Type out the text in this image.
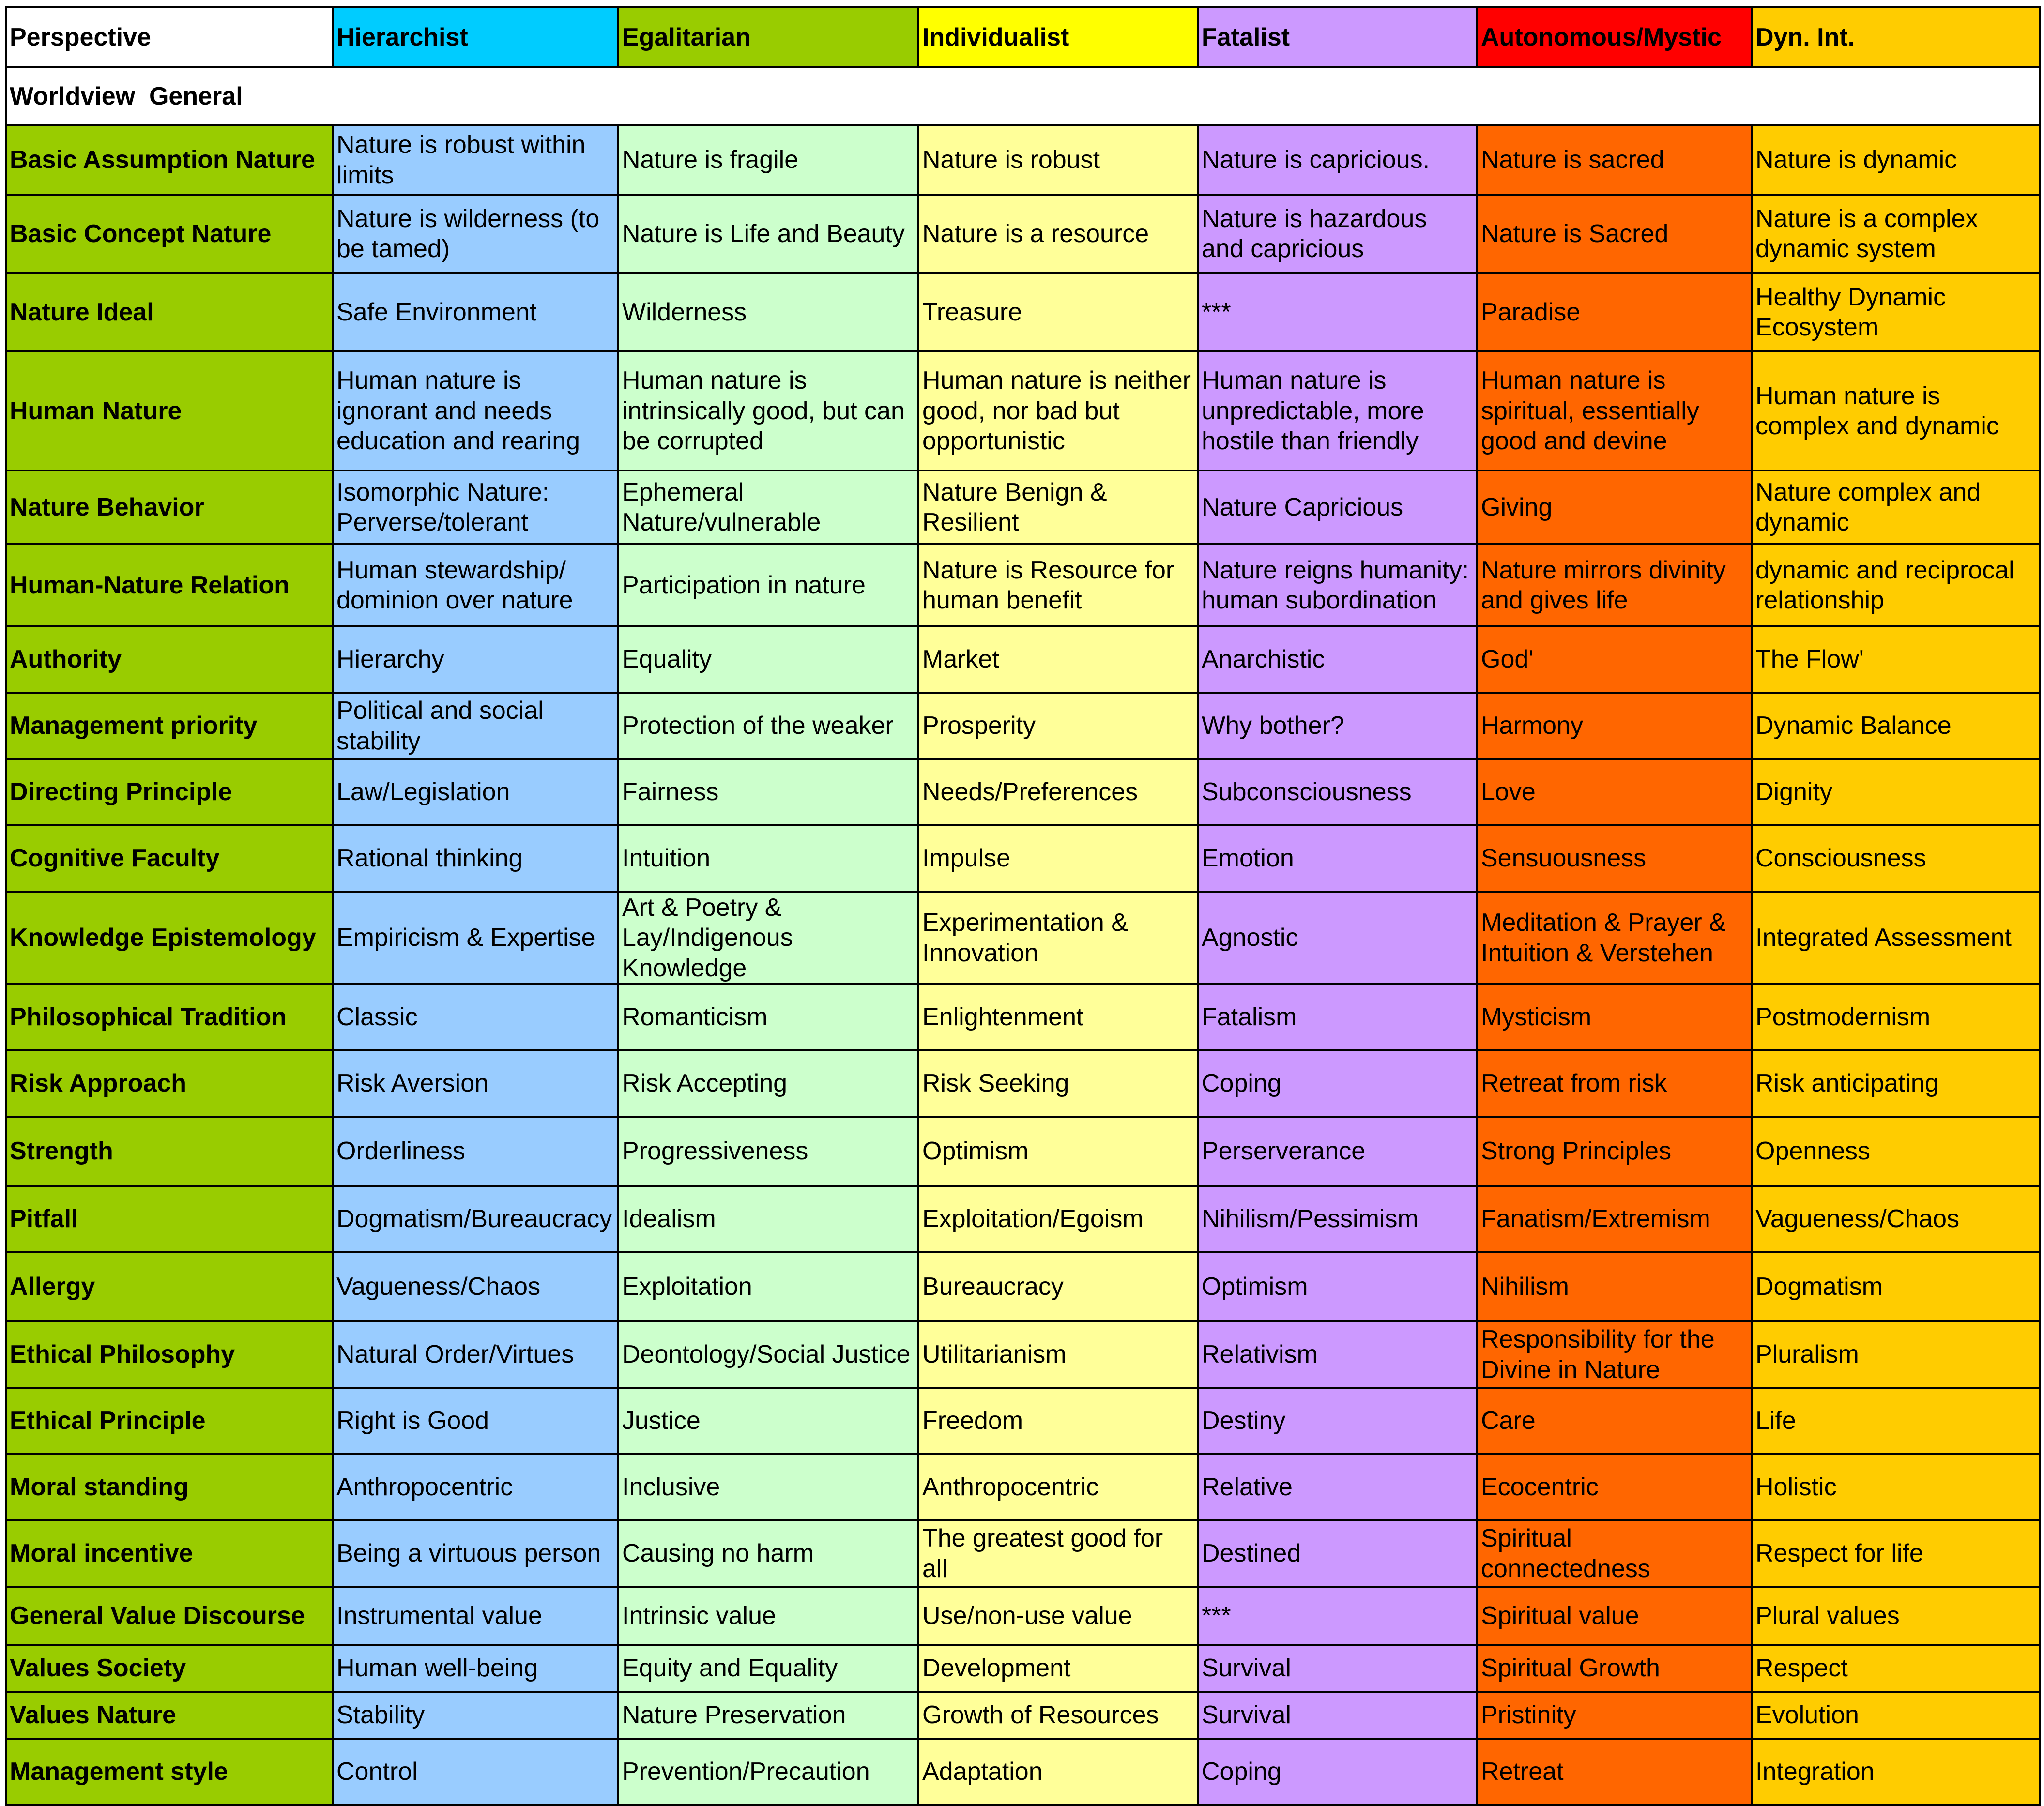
Perspective	Hierarchist	Egalitarian	Individualist	Fatalist	Autonomous/Mystic	Dyn. Int.
Worldview  General						
Basic Assumption Nature	Nature is robust within limits	Nature is fragile	Nature is robust	Nature is capricious.	Nature is sacred	Nature is dynamic
Basic Concept Nature	Nature is wilderness (to be tamed)	Nature is Life and Beauty	Nature is a resource	Nature is hazardous and capricious	Nature is Sacred	Nature is a complex dynamic system
Nature Ideal	Safe Environment	Wilderness	Treasure	***	Paradise	Healthy Dynamic Ecosystem
Human Nature	Human nature is ignorant and needs education and rearing	Human nature is intrinsically good, but can be corrupted	Human nature is neither good, nor bad but opportunistic	Human nature is unpredictable, more hostile than friendly	Human nature is spiritual, essentially good and devine	Human nature is complex and dynamic
Nature Behavior	Isomorphic Nature: Perverse/tolerant	Ephemeral Nature/vulnerable	Nature Benign & Resilient	Nature Capricious	Giving	Nature complex and dynamic
Human-Nature Relation	Human stewardship/ dominion over nature	Participation in nature	Nature is Resource for human benefit	Nature reigns humanity: human subordination	Nature mirrors divinity and gives life	dynamic and reciprocal relationship
Authority	Hierarchy	Equality	Market	Anarchistic	God'	The Flow'
Management priority	Political and social stability	Protection of the weaker	Prosperity	Why bother?	Harmony	Dynamic Balance
Directing Principle	Law/Legislation	Fairness	Needs/Preferences	Subconsciousness	Love	Dignity
Cognitive Faculty	Rational thinking	Intuition	Impulse	Emotion	Sensuousness	Consciousness
Knowledge Epistemology	Empiricism & Expertise	Art & Poetry & Lay/Indigenous Knowledge	Experimentation & Innovation	Agnostic	Meditation & Prayer & Intuition & Verstehen	Integrated Assessment
Philosophical Tradition	Classic	Romanticism	Enlightenment	Fatalism	Mysticism	Postmodernism
Risk Approach	Risk Aversion	Risk Accepting	Risk Seeking	Coping	Retreat from risk	Risk anticipating
Strength	Orderliness	Progressiveness	Optimism	Perserverance	Strong Principles	Openness
Pitfall	Dogmatism/Bureaucracy	Idealism	Exploitation/Egoism	Nihilism/Pessimism	Fanatism/Extremism	Vagueness/Chaos
Allergy	Vagueness/Chaos	Exploitation	Bureaucracy	Optimism	Nihilism	Dogmatism
Ethical Philosophy	Natural Order/Virtues	Deontology/Social Justice	Utilitarianism	Relativism	Responsibility for the Divine in Nature	Pluralism
Ethical Principle	Right is Good	Justice	Freedom	Destiny	Care	Life
Moral standing	Anthropocentric	Inclusive	Anthropocentric	Relative	Ecocentric	Holistic
Moral incentive	Being a virtuous person	Causing no harm	The greatest good for all	Destined	Spiritual connectedness	Respect for life
General Value Discourse	Instrumental value	Intrinsic value	Use/non-use value	***	Spiritual value	Plural values
Values Society	Human well-being	Equity and Equality	Development	Survival	Spiritual Growth	Respect
Values Nature	Stability	Nature Preservation	Growth of Resources	Survival	Pristinity	Evolution
Management style	Control	Prevention/Precaution	Adaptation	Coping	Retreat	Integration
